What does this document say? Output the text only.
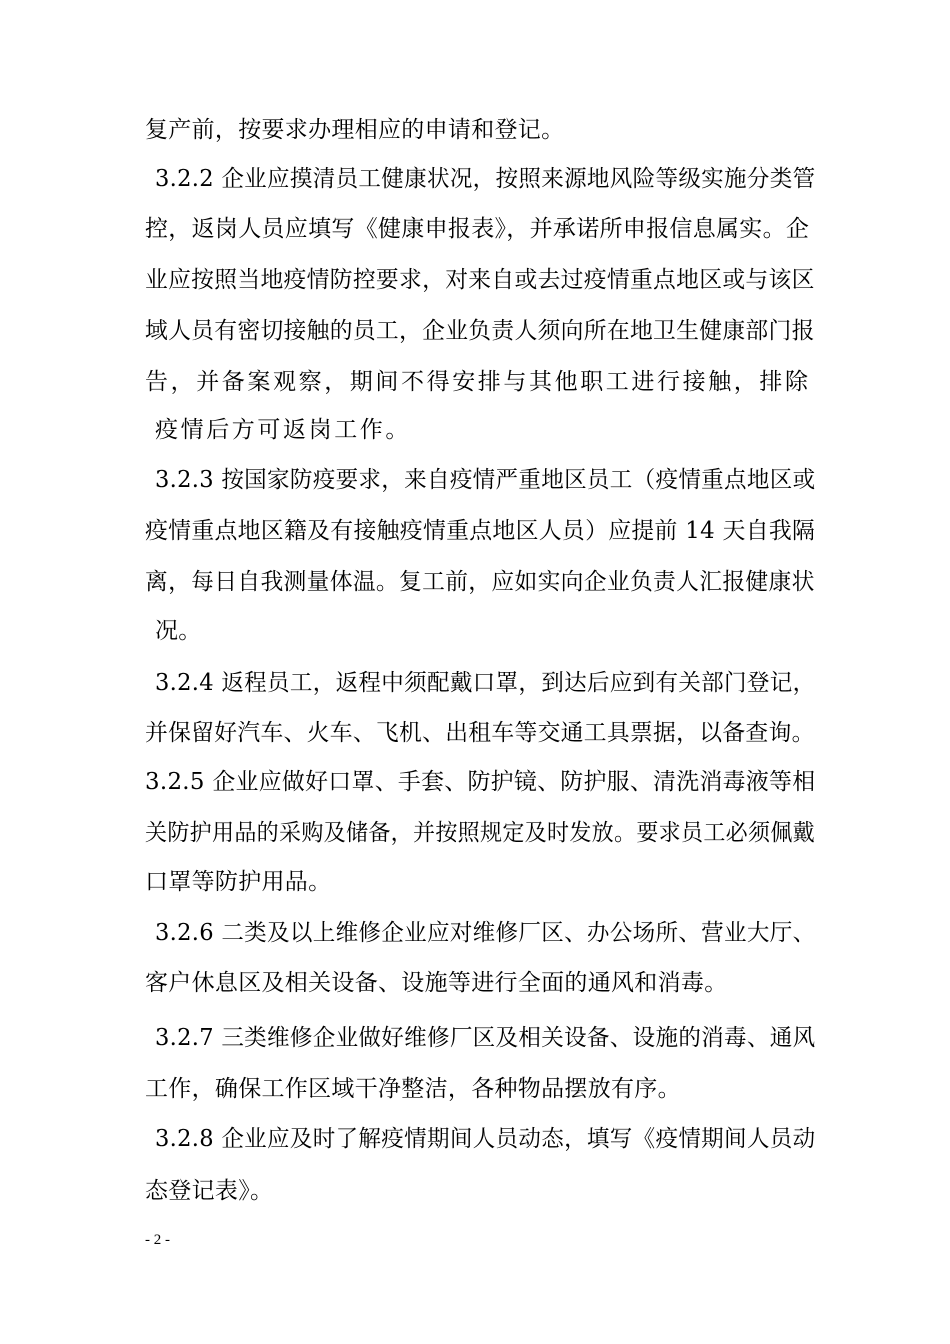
复产前，按要求办理相应的申请和登记。
3.2.2 企业应摸清员工健康状况，按照来源地风险等级实施分类管
控，返岗人员应填写《健康申报表》，并承诺所申报信息属实。企
业应按照当地疫情防控要求，对来自或去过疫情重点地区或与该区
域人员有密切接触的员工，企业负责人须向所在地卫生健康部门报
告，并备案观察，期间不得安排与其他职工进行接触，排除
疫情后方可返岗工作。
3.2.3 按国家防疫要求，来自疫情严重地区员工（疫情重点地区或
疫情重点地区籍及有接触疫情重点地区人员）应提前 14 天自我隔
离，每日自我测量体温。复工前，应如实向企业负责人汇报健康状
况。
3.2.4 返程员工，返程中须配戴口罩，到达后应到有关部门登记，
并保留好汽车、火车、飞机、出租车等交通工具票据，以备查询。
3.2.5 企业应做好口罩、手套、防护镜、防护服、清洗消毒液等相
关防护用品的采购及储备，并按照规定及时发放。要求员工必须佩戴
口罩等防护用品。
3.2.6 二类及以上维修企业应对维修厂区、办公场所、营业大厅、
客户休息区及相关设备、设施等进行全面的通风和消毒。
3.2.7 三类维修企业做好维修厂区及相关设备、设施的消毒、通风
工作，确保工作区域干净整洁，各种物品摆放有序。
3.2.8 企业应及时了解疫情期间人员动态，填写《疫情期间人员动
态登记表》。
- 2 -
